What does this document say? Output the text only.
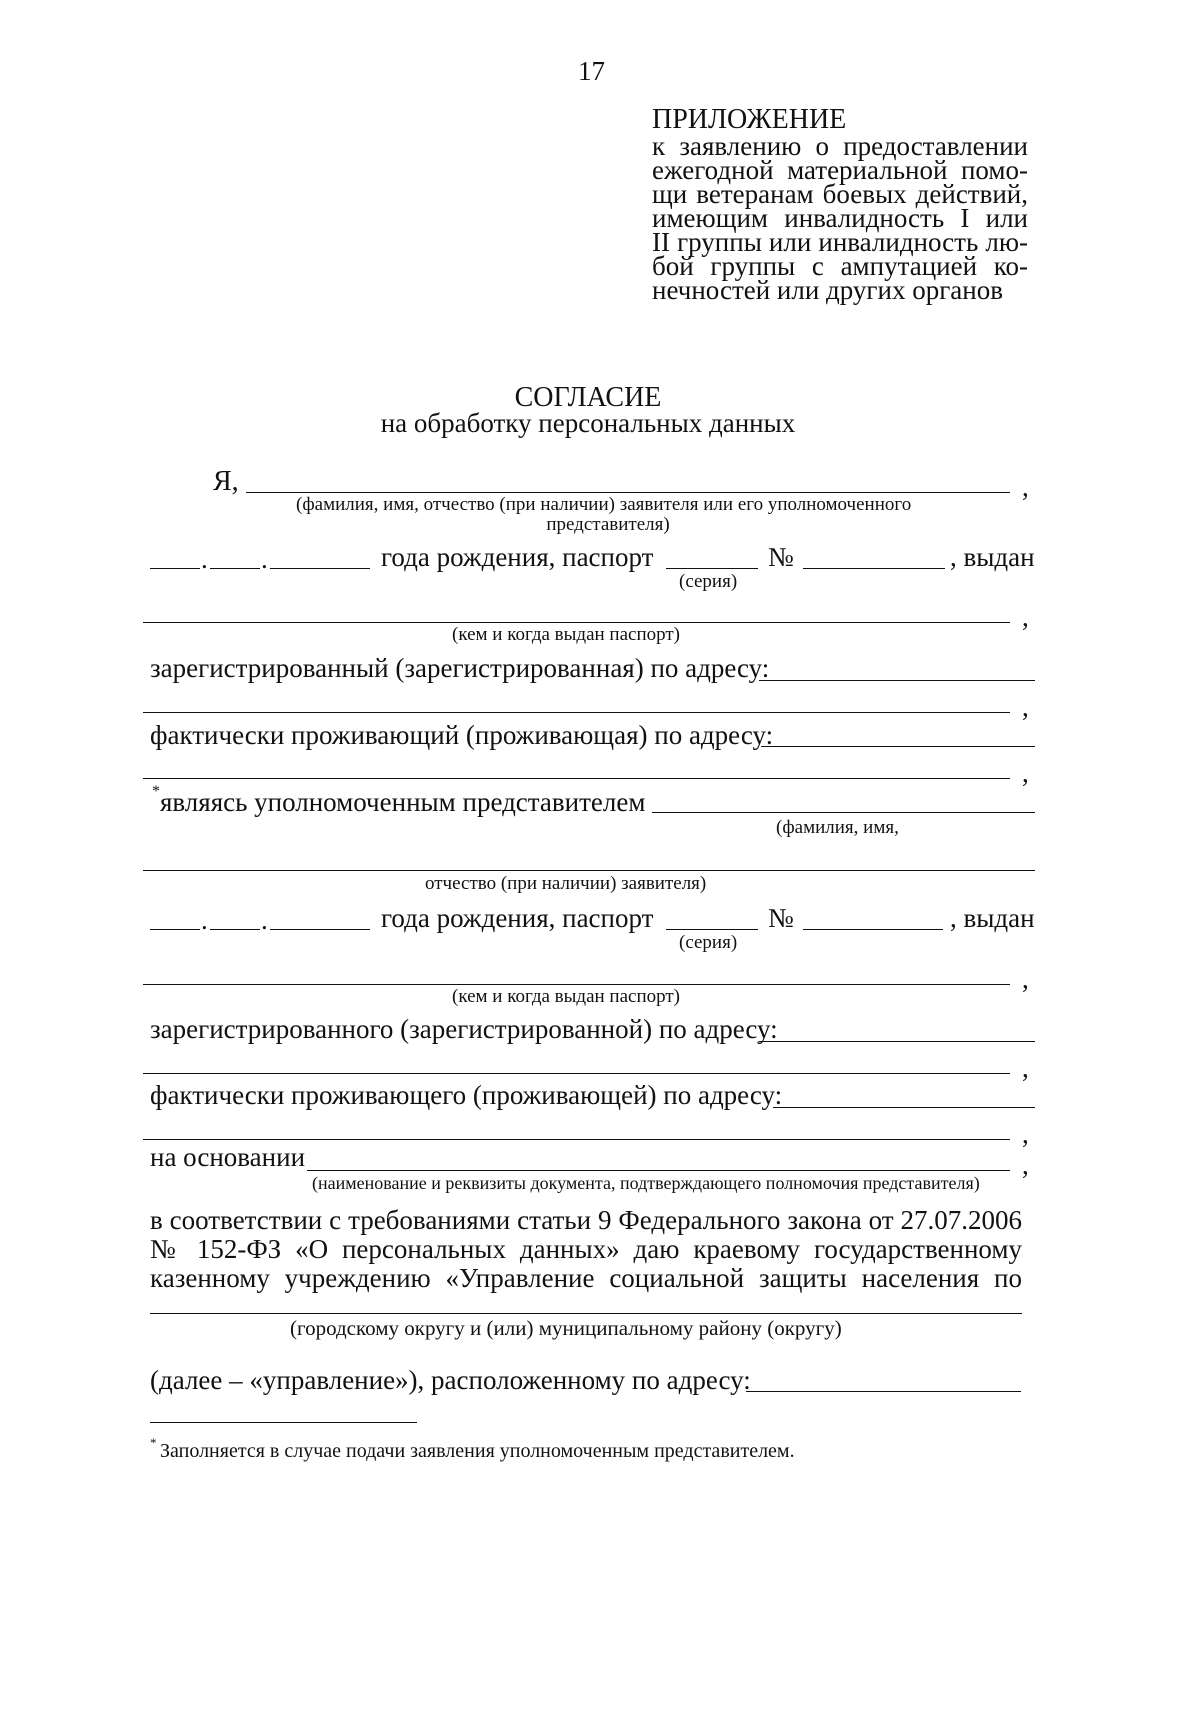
17
ПРИЛОЖЕНИЕ
к заявлению о предоставлении
ежегодной материальной помо-
щи ветеранам боевых действий,
имеющим инвалидность I или
II группы или инвалидность лю-
бой группы с ампутацией ко-
нечностей или других органов
СОГЛАСИЕ
на обработку персональных данных
Я,	,
(фамилия, имя, отчество (при наличии) заявителя или его уполномоченного
представителя)
. .	года рождения, паспорт	№	, выдан
(серия)
,
(кем и когда выдан паспорт)
зарегистрированный (зарегистрированная) по адресу:
,
фактически проживающий (проживающая) по адресу:
,
* являясь уполномоченным представителем
(фамилия, имя,
отчество (при наличии) заявителя)
. .	года рождения, паспорт	№	, выдан
(серия)
,
(кем и когда выдан паспорт)
зарегистрированного (зарегистрированной) по адресу:
,
фактически проживающего (проживающей) по адресу:
,
на основании	,
(наименование и реквизиты документа, подтверждающего полномочия представителя)
в соответствии с требованиями статьи 9 Федерального закона от 27.07.2006
№ 152-ФЗ «О персональных данных» даю краевому государственному
казенному учреждению «Управление социальной защиты населения по
(городскому округу и (или) муниципальному району (округу)
(далее – «управление»), расположенному по адресу:
* Заполняется в случае подачи заявления уполномоченным представителем.
